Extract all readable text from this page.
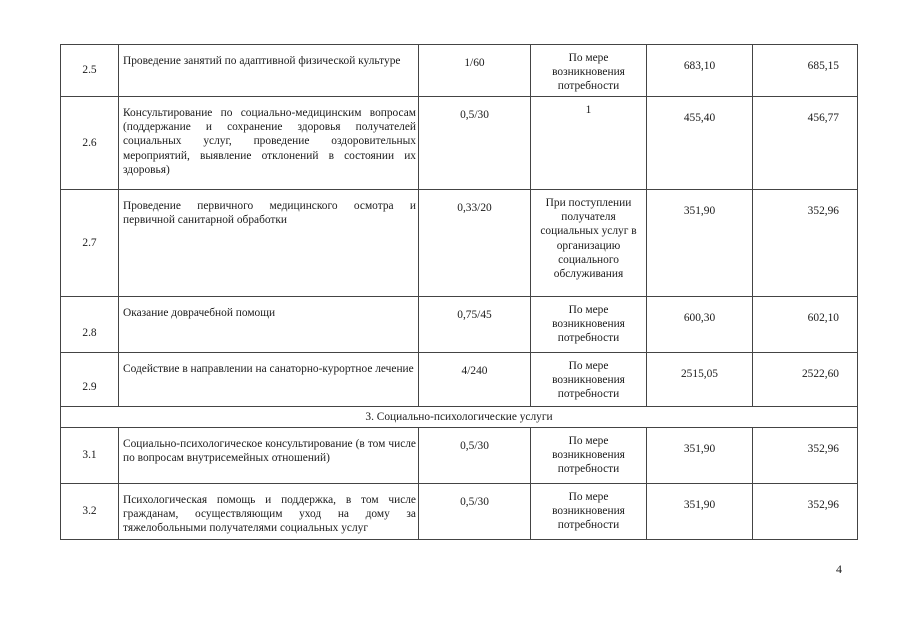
2.5	Проведение занятий по адаптивной физической культуре	1/60	По мере возникновения потребности	683,10	685,15
2.6	Консультирование по социально-медицинским вопросам (поддержание и сохранение здоровья получателей социальных услуг, проведение оздоровительных мероприятий, выявление отклонений в состоянии их здоровья)	0,5/30	1	455,40	456,77
2.7	Проведение первичного медицинского осмотра и первичной санитарной обработки	0,33/20	При поступлении получателя социальных услуг в организацию социального обслуживания	351,90	352,96
2.8	Оказание доврачебной помощи	0,75/45	По мере возникновения потребности	600,30	602,10
2.9	Содействие в направлении на санаторно-курортное лечение	4/240	По мере возникновения потребности	2515,05	2522,60
3. Социально-психологические услуги					
3.1	Социально-психологическое консультирование (в том числе по вопросам внутрисемейных отношений)	0,5/30	По мере возникновения потребности	351,90	352,96
3.2	Психологическая помощь и поддержка, в том числе гражданам, осуществляющим уход на дому за тяжелобольными получателями социальных услуг	0,5/30	По мере возникновения потребности	351,90	352,96
4
